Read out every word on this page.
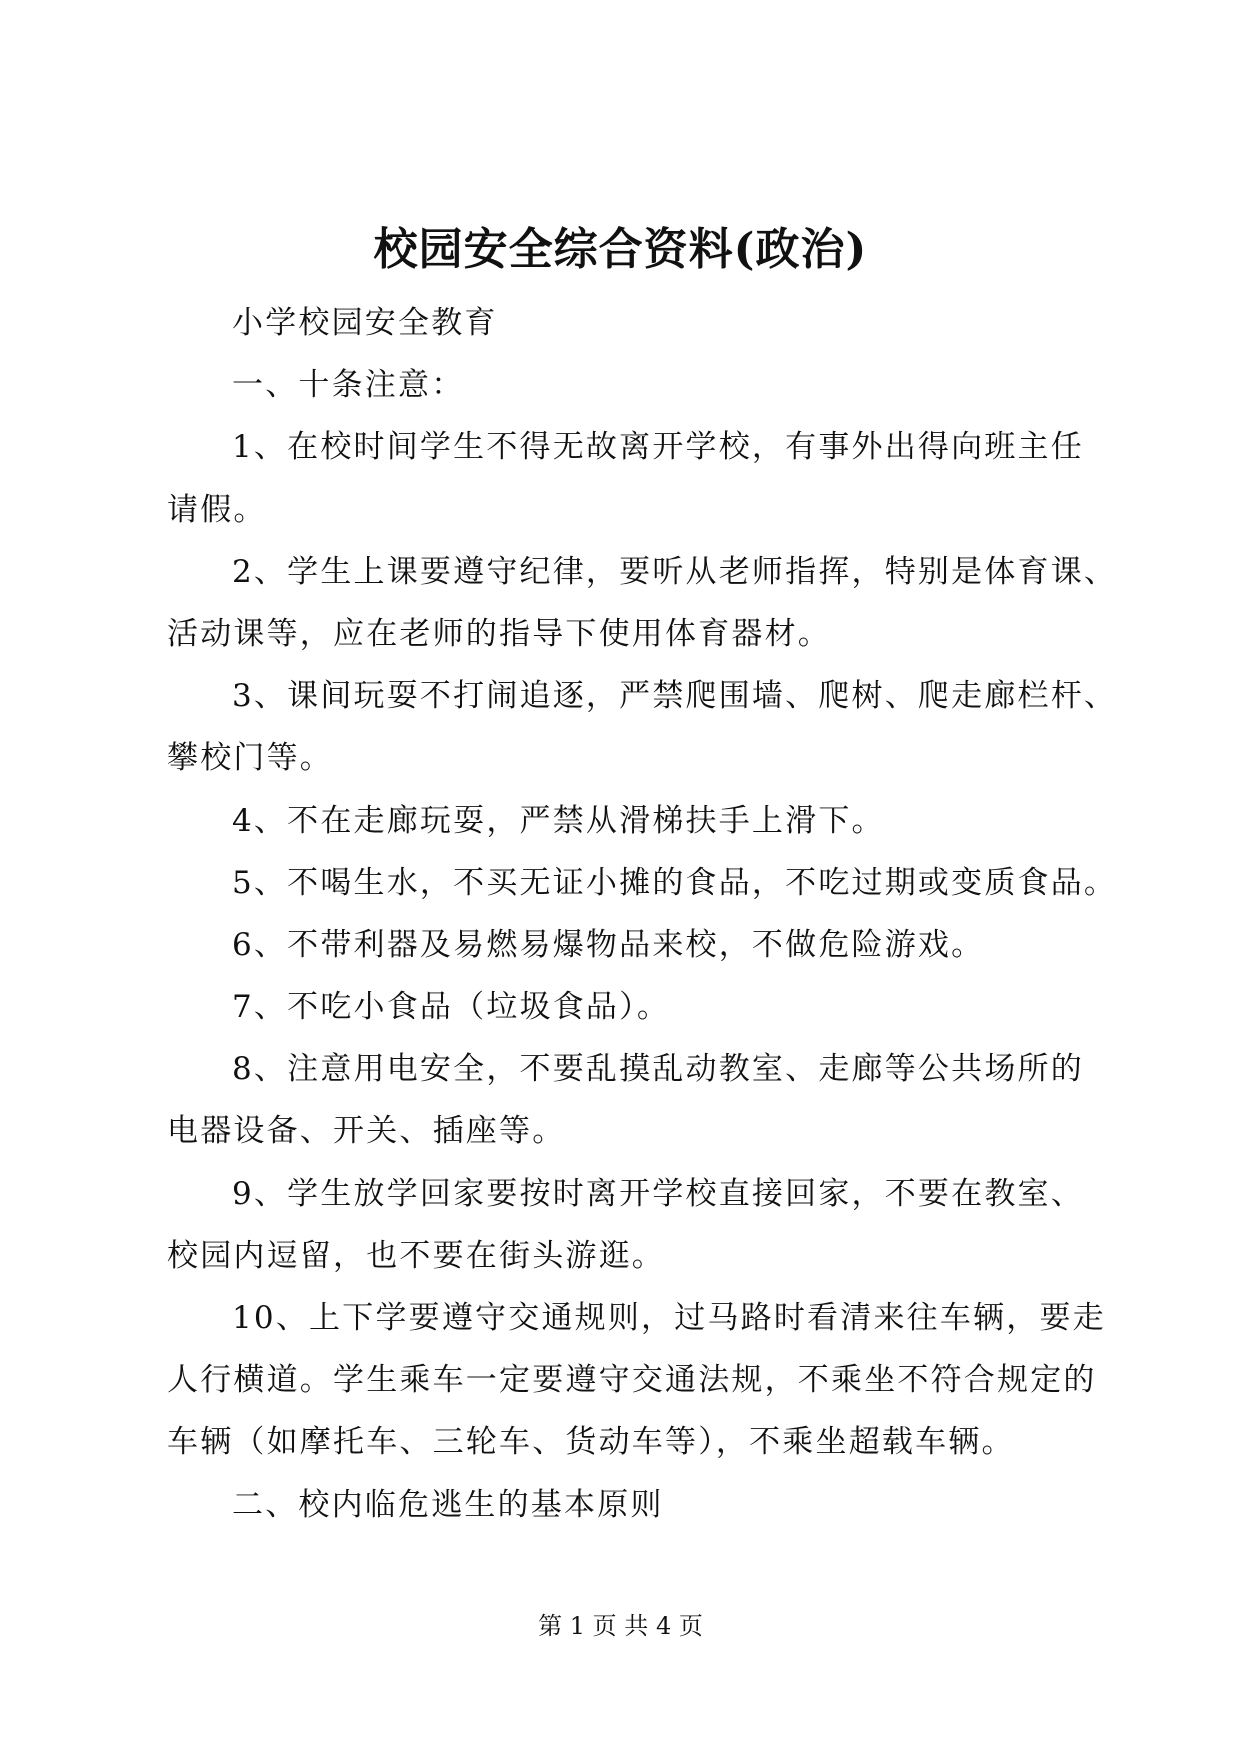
校园安全综合资料(政治)
小学校园安全教育
一、十条注意：
1、在校时间学生不得无故离开学校，有事外出得向班主任
请假。
2、学生上课要遵守纪律，要听从老师指挥，特别是体育课、
活动课等，应在老师的指导下使用体育器材。
3、课间玩耍不打闹追逐，严禁爬围墙、爬树、爬走廊栏杆、
攀校门等。
4、不在走廊玩耍，严禁从滑梯扶手上滑下。
5、不喝生水，不买无证小摊的食品，不吃过期或变质食品。
6、不带利器及易燃易爆物品来校，不做危险游戏。
7、不吃小食品（垃圾食品）。
8、注意用电安全，不要乱摸乱动教室、走廊等公共场所的
电器设备、开关、插座等。
9、学生放学回家要按时离开学校直接回家，不要在教室、
校园内逗留，也不要在街头游逛。
10、上下学要遵守交通规则，过马路时看清来往车辆，要走
人行横道。学生乘车一定要遵守交通法规，不乘坐不符合规定的
车辆（如摩托车、三轮车、货动车等），不乘坐超载车辆。
二、校内临危逃生的基本原则
第 1 页 共 4 页
